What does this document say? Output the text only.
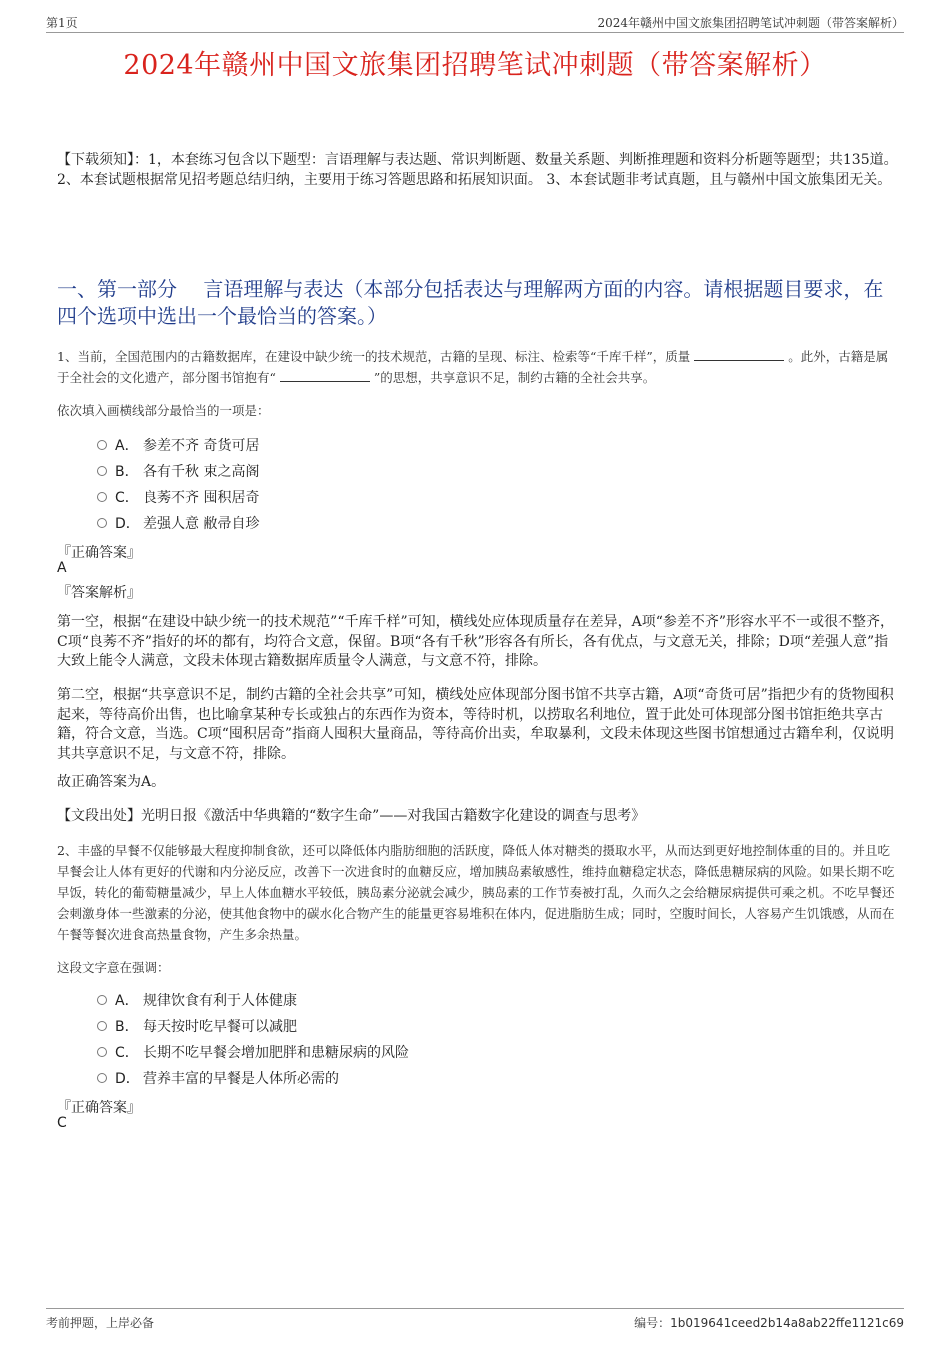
第1页	2024年赣州中国文旅集团招聘笔试冲刺题（带答案解析）
2024年赣州中国文旅集团招聘笔试冲刺题（带答案解析）
【下载须知】：1，本套练习包含以下题型：言语理解与表达题、常识判断题、数量关系题、判断推理题和资料分析题等题型；共135道。 2、本套试题根据常见招考题总结归纳，主要用于练习答题思路和拓展知识面。 3、本套试题非考试真题，且与赣州中国文旅集团无关。
一、第一部分　 言语理解与表达（本部分包括表达与理解两方面的内容。请根据题目要求，在四个选项中选出一个最恰当的答案。）
1、当前，全国范围内的古籍数据库，在建设中缺少统一的技术规范，古籍的呈现、标注、检索等“千库千样”，质量	。此外，古籍是属于全社会的文化遗产，部分图书馆抱有“	”的思想，共享意识不足，制约古籍的全社会共享。
依次填入画横线部分最恰当的一项是：
A． 参差不齐 奇货可居
B． 各有千秋 束之高阁
C． 良莠不齐 囤积居奇
D． 差强人意 敝帚自珍
『正确答案』
A
『答案解析』
第一空，根据“在建设中缺少统一的技术规范”“千库千样”可知，横线处应体现质量存在差异，A项“参差不齐”形容水平不一或很不整齐，C项“良莠不齐”指好的坏的都有，均符合文意，保留。B项“各有千秋”形容各有所长，各有优点，与文意无关，排除；D项“差强人意”指大致上能令人满意，文段未体现古籍数据库质量令人满意，与文意不符，排除。
第二空，根据“共享意识不足，制约古籍的全社会共享”可知，横线处应体现部分图书馆不共享古籍，A项“奇货可居”指把少有的货物囤积起来，等待高价出售，也比喻拿某种专长或独占的东西作为资本，等待时机，以捞取名利地位，置于此处可体现部分图书馆拒绝共享古籍，符合文意，当选。C项“囤积居奇”指商人囤积大量商品，等待高价出卖，牟取暴利，文段未体现这些图书馆想通过古籍牟利，仅说明其共享意识不足，与文意不符，排除。
故正确答案为A。
【文段出处】光明日报《激活中华典籍的“数字生命”——对我国古籍数字化建设的调查与思考》
2、丰盛的早餐不仅能够最大程度抑制食欲，还可以降低体内脂肪细胞的活跃度，降低人体对糖类的摄取水平，从而达到更好地控制体重的目的。并且吃早餐会让人体有更好的代谢和内分泌反应，改善下一次进食时的血糖反应，增加胰岛素敏感性，维持血糖稳定状态，降低患糖尿病的风险。如果长期不吃早饭，转化的葡萄糖量减少，早上人体血糖水平较低，胰岛素分泌就会减少，胰岛素的工作节奏被打乱，久而久之会给糖尿病提供可乘之机。不吃早餐还会刺激身体一些激素的分泌，使其他食物中的碳水化合物产生的能量更容易堆积在体内，促进脂肪生成；同时，空腹时间长，人容易产生饥饿感，从而在午餐等餐次进食高热量食物，产生多余热量。
这段文字意在强调：
A． 规律饮食有利于人体健康
B． 每天按时吃早餐可以减肥
C． 长期不吃早餐会增加肥胖和患糖尿病的风险
D． 营养丰富的早餐是人体所必需的
『正确答案』
C
考前押题，上岸必备	编号：1b019641ceed2b14a8ab22ffe1121c69
